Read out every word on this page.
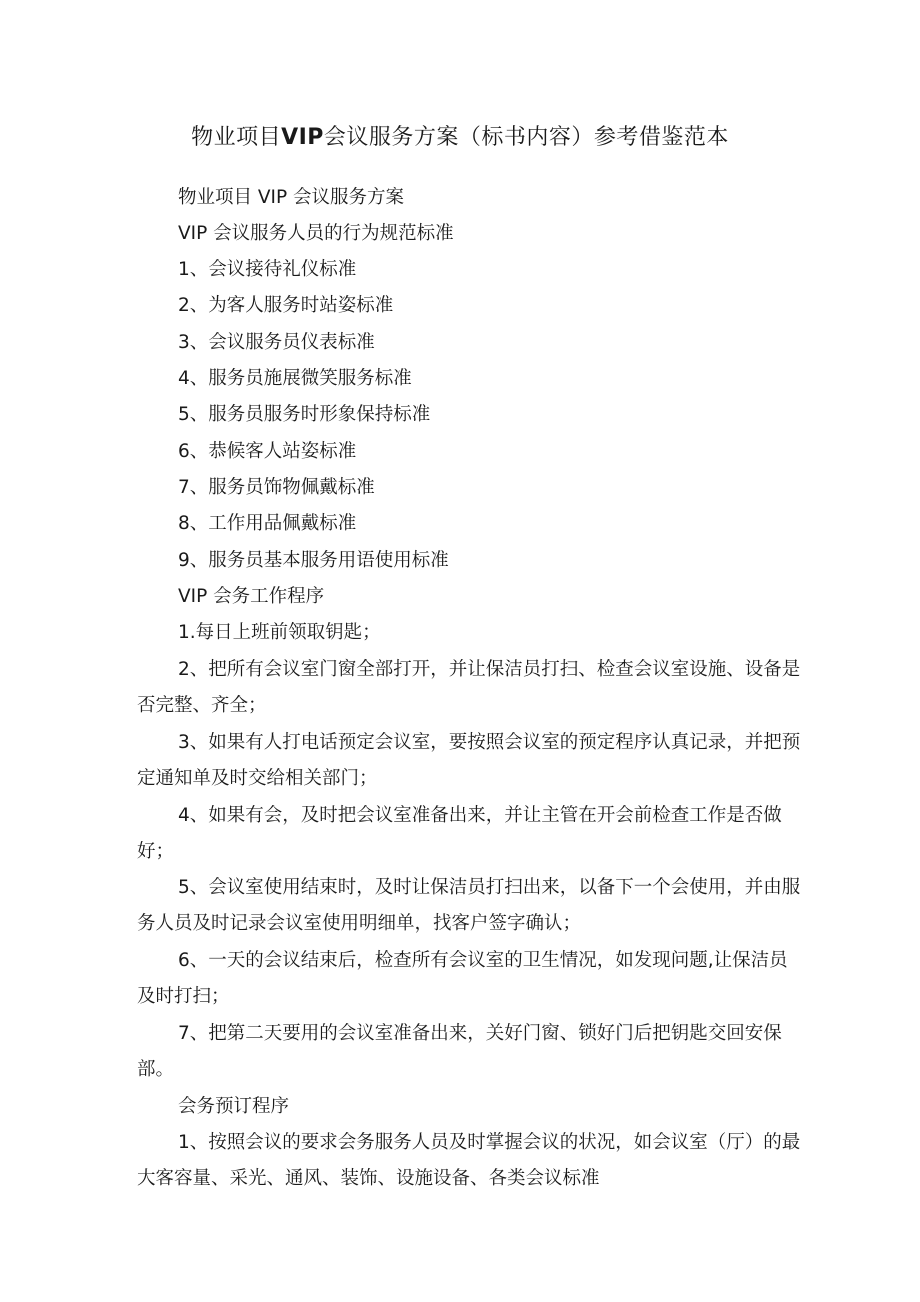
物业项目VIP会议服务方案（标书内容）参考借鉴范本
物业项目 VIP 会议服务方案
VIP 会议服务人员的行为规范标准
1、会议接待礼仪标准
2、为客人服务时站姿标准
3、会议服务员仪表标准
4、服务员施展微笑服务标准
5、服务员服务时形象保持标准
6、恭候客人站姿标准
7、服务员饰物佩戴标准
8、工作用品佩戴标准
9、服务员基本服务用语使用标准
VIP 会务工作程序
1.每日上班前领取钥匙；
2、把所有会议室门窗全部打开，并让保洁员打扫、检查会议室设施、设备是否完整、齐全；
3、如果有人打电话预定会议室，要按照会议室的预定程序认真记录，并把预定通知单及时交给相关部门；
4、如果有会，及时把会议室准备出来，并让主管在开会前检查工作是否做好；
5、会议室使用结束时，及时让保洁员打扫出来，以备下一个会使用，并由服务人员及时记录会议室使用明细单，找客户签字确认；
6、一天的会议结束后，检查所有会议室的卫生情况，如发现问题,让保洁员及时打扫；
7、把第二天要用的会议室准备出来，关好门窗、锁好门后把钥匙交回安保部。
会务预订程序
1、按照会议的要求会务服务人员及时掌握会议的状况，如会议室（厅）的最大客容量、采光、通风、装饰、设施设备、各类会议标准
